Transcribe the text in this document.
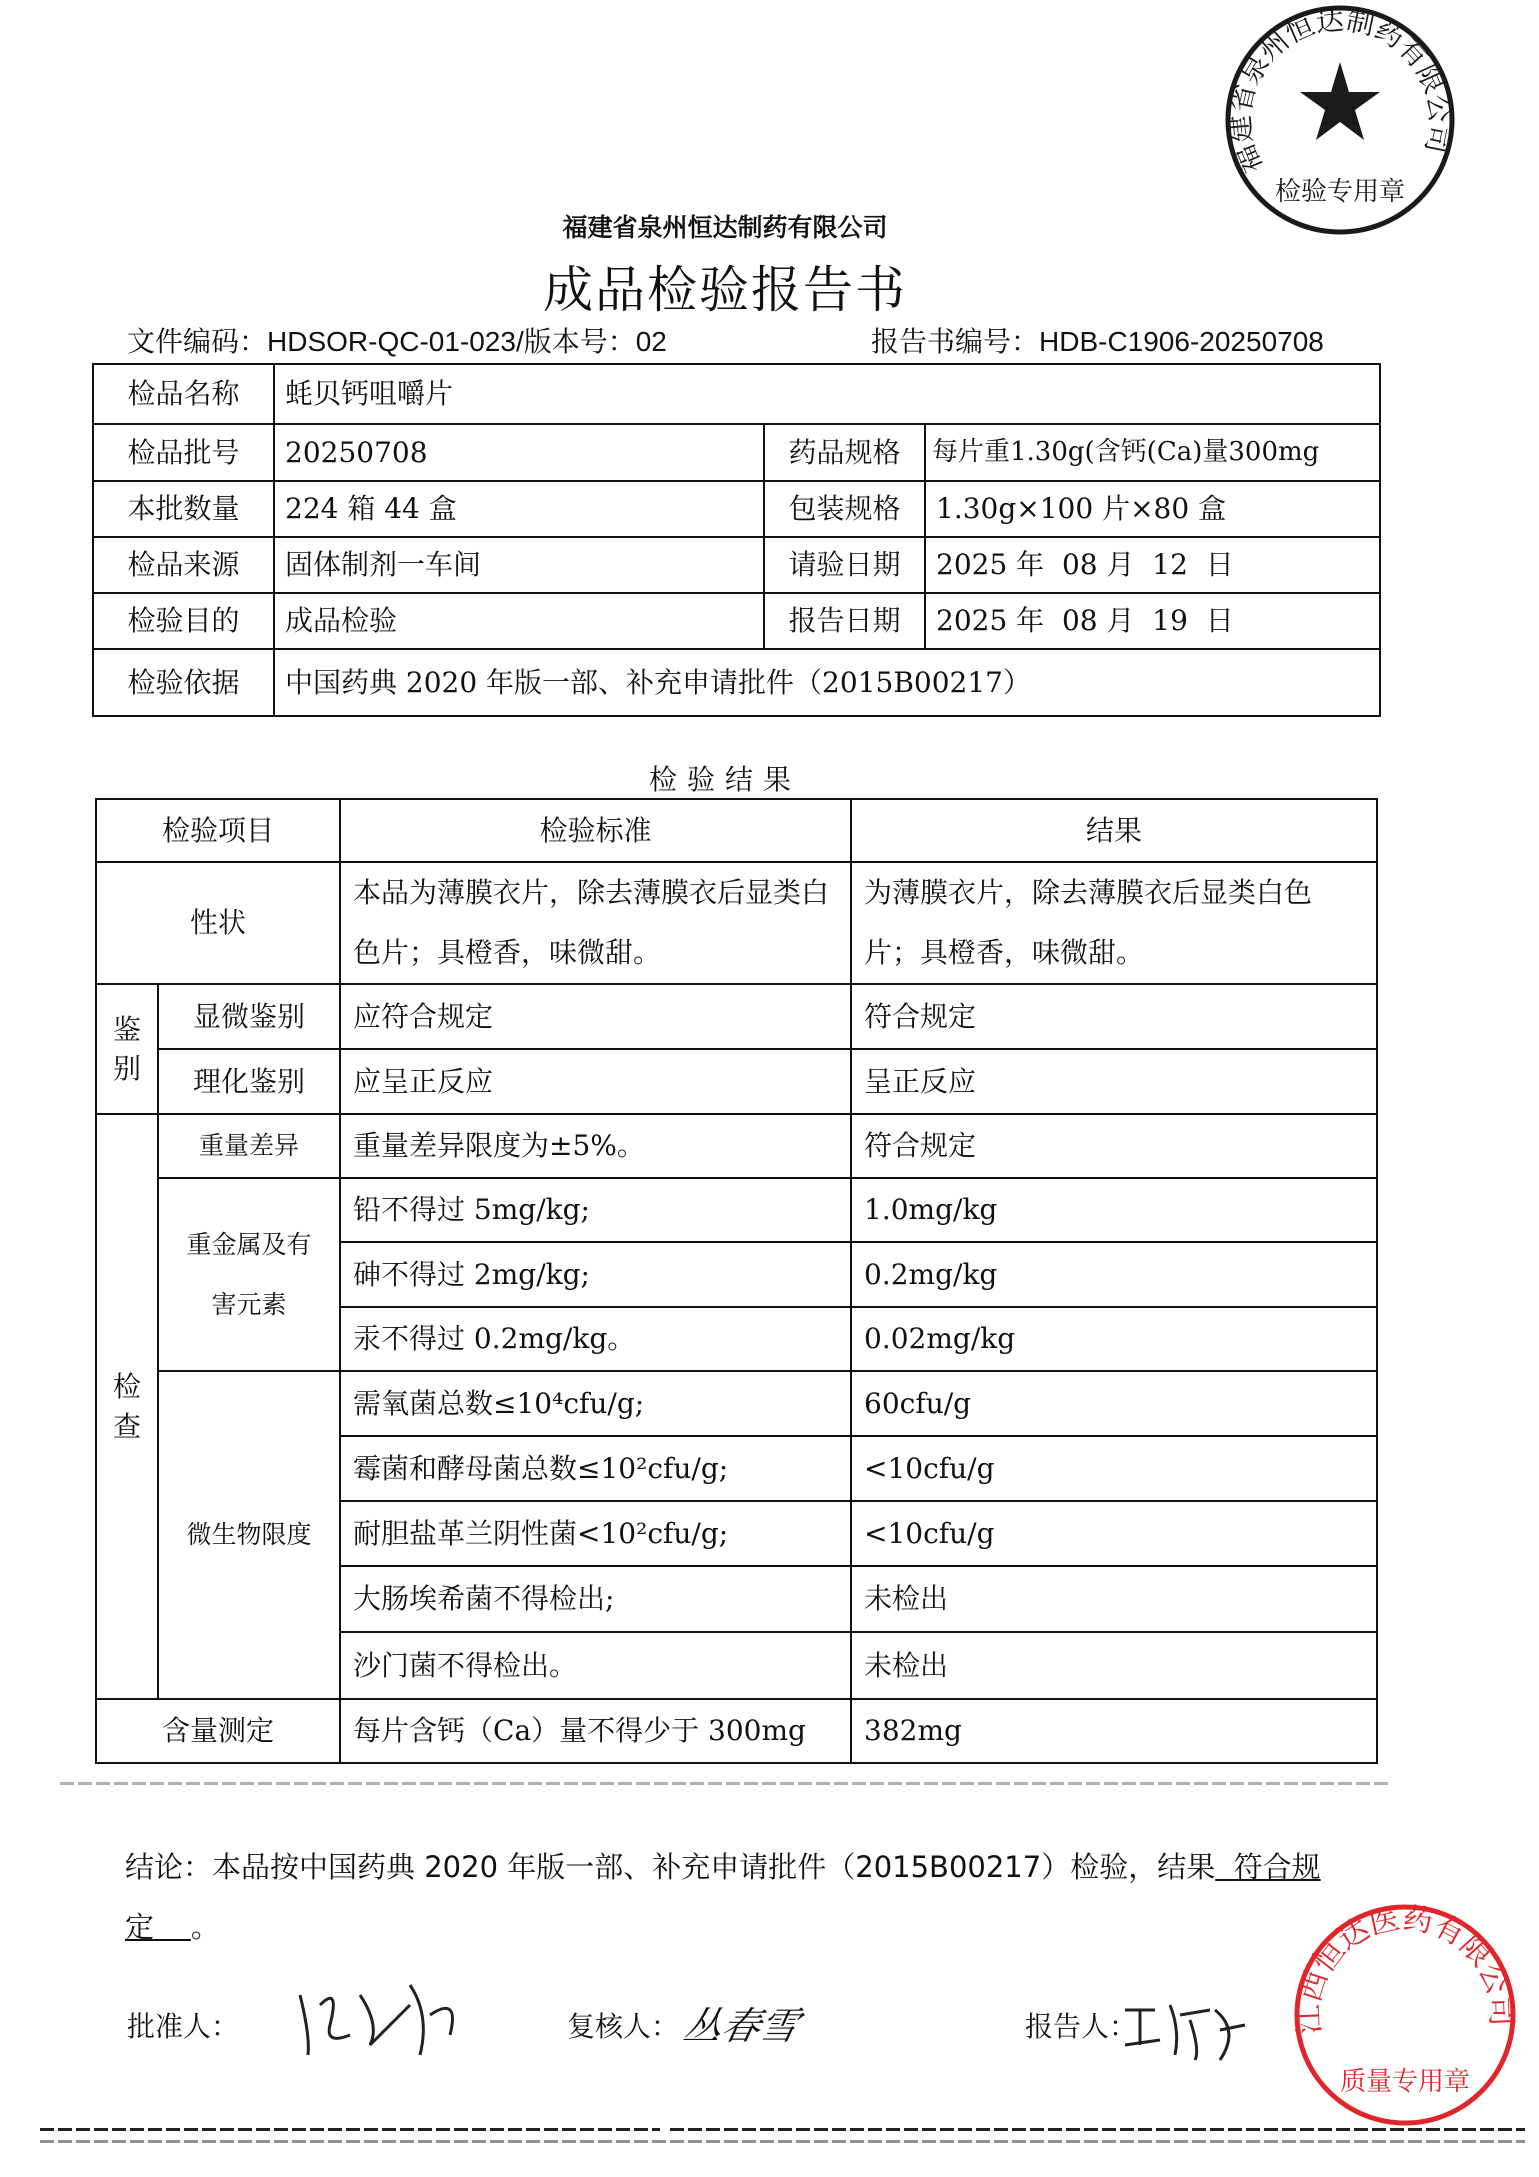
福建省泉州恒达制药有限公司
成品检验报告书
文件编码：HDSOR-QC-01-023/版本号：02	报告书编号：HDB-C1906-20250708
检品名称	蚝贝钙咀嚼片		
检品批号	20250708	药品规格	每片重1.30g(含钙(Ca)量300mg
本批数量	224 箱 44 盒	包装规格	1.30g×100 片×80 盒
检品来源	固体制剂一车间	请验日期	2025 年  08 月  12  日
检验目的	成品检验	报告日期	2025 年  08 月  19  日
检验依据	中国药典 2020 年版一部、补充申请批件（2015B00217）		
检验结果
检验项目		检验标准	结果
性状		本品为薄膜衣片，除去薄膜衣后显类白色片；具橙香，味微甜。	为薄膜衣片，除去薄膜衣后显类白色片；具橙香，味微甜。

鉴别	显微鉴别	应符合规定	符合规定
	理化鉴别	应呈正反应	呈正反应

检查	重量差异	重量差异限度为±5%。	符合规定
	重金属及有害元素	铅不得过 5mg/kg;	1.0mg/kg
		砷不得过 2mg/kg;	0.2mg/kg
		汞不得过 0.2mg/kg。	0.02mg/kg
	微生物限度	需氧菌总数≤10⁴cfu/g;	60cfu/g
		霉菌和酵母菌总数≤10²cfu/g;	<10cfu/g
		耐胆盐革兰阴性菌<10²cfu/g;	<10cfu/g
		大肠埃希菌不得检出;	未检出
		沙门菌不得检出。	未检出
含量测定		每片含钙（Ca）量不得少于 300mg	382mg
结论：本品按中国药典 2020 年版一部、补充申请批件（2015B00217）检验，结果 符合规定 。
批准人：	复核人： 丛春雪	报告人：
福建省泉州恒达制药有限公司
检验专用章
江西恒达医药有限公司
质量专用章
